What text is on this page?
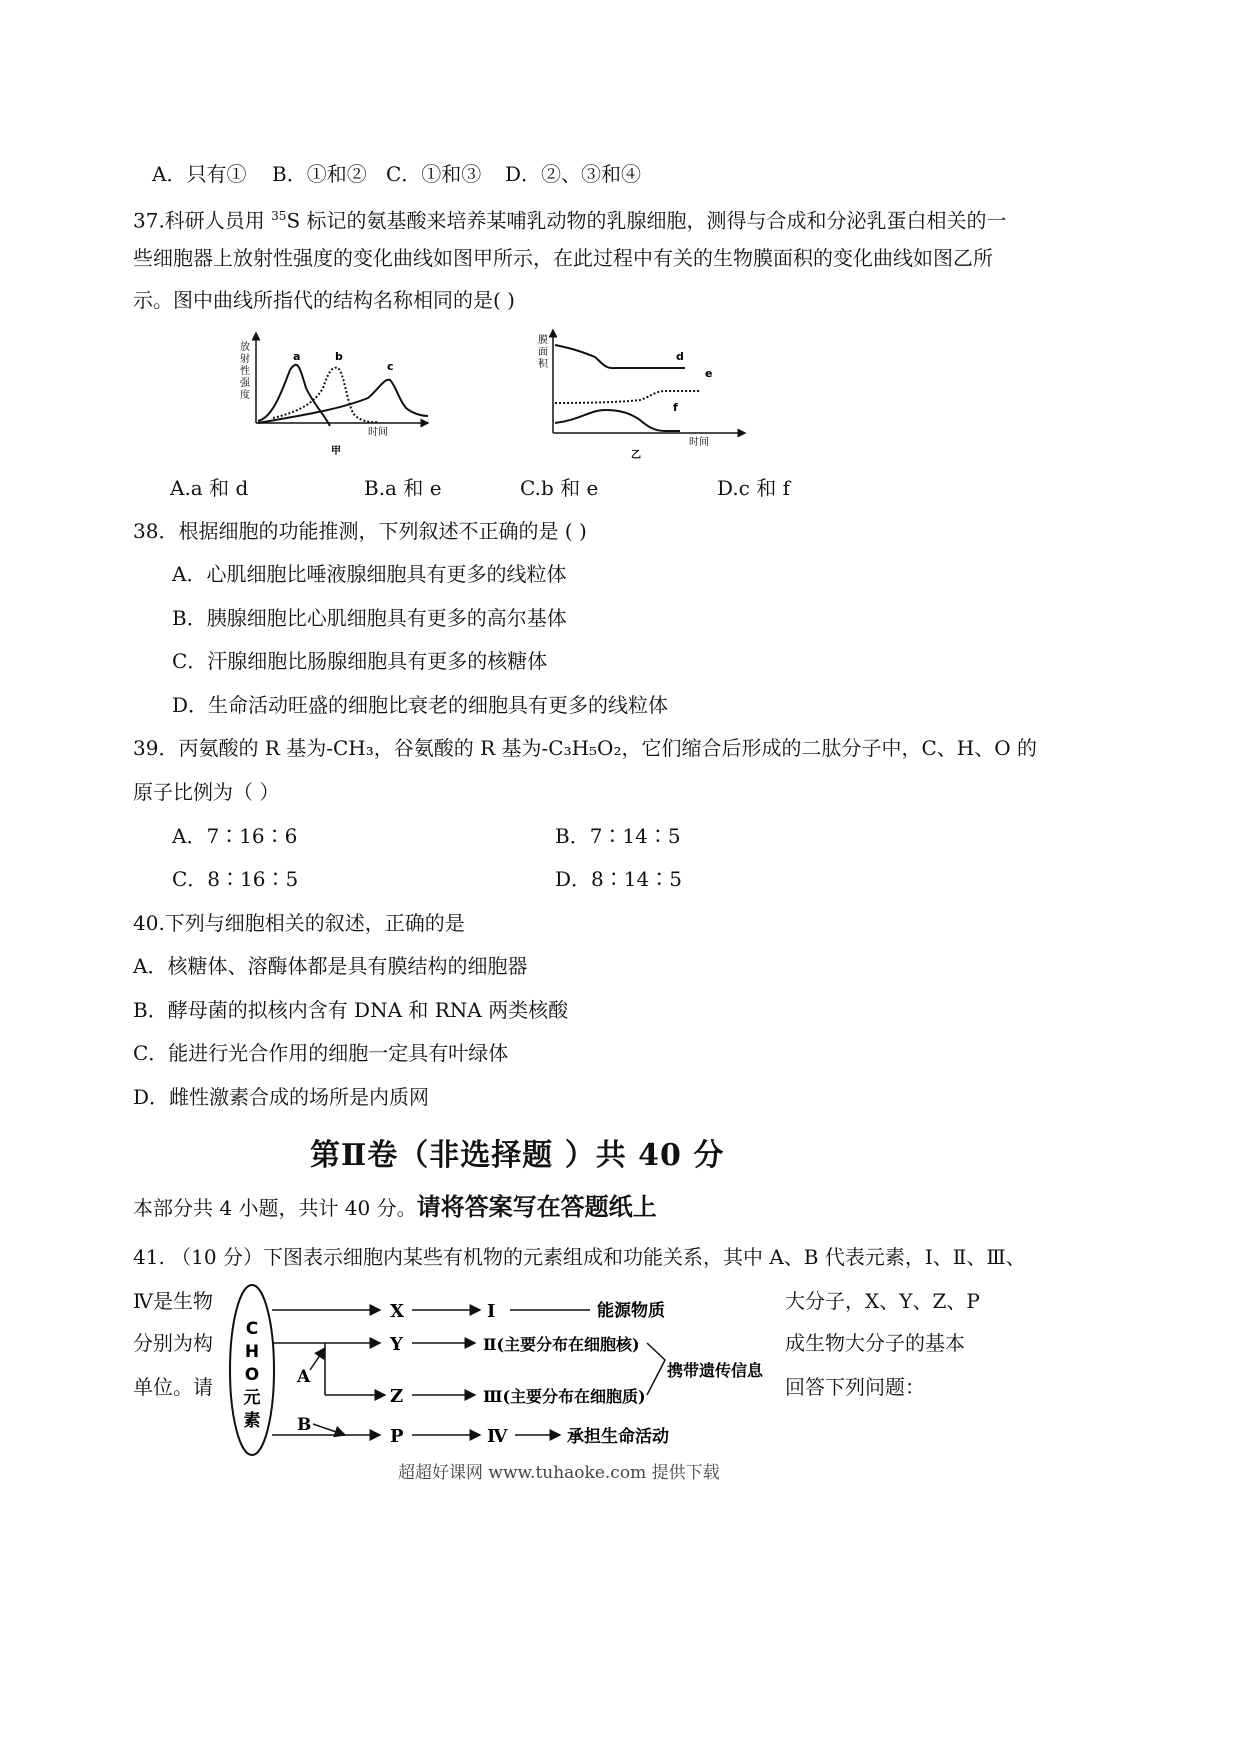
A．只有① B．①和② C．①和③ D．②、③和④
37.科研人员用 $^{35}$S 标记的氨基酸来培养某哺乳动物的乳腺细胞，测得与合成和分泌乳蛋白相关的一
些细胞器上放射性强度的变化曲线如图甲所示，在此过程中有关的生物膜面积的变化曲线如图乙所
示。图中曲线所指代的结构名称相同的是( )
放
射
性
强
度
a	b
c
时间
甲
膜
面
积
d
e
f
时间
乙
A.a 和 d	B.a 和 e	C.b 和 e	D.c 和 f
38．根据细胞的功能推测，下列叙述不正确的是 ( )
A．心肌细胞比唾液腺细胞具有更多的线粒体
B．胰腺细胞比心肌细胞具有更多的高尔基体
C．汗腺细胞比肠腺细胞具有更多的核糖体
D．生命活动旺盛的细胞比衰老的细胞具有更多的线粒体
39．丙氨酸的 R 基为-CH₃，谷氨酸的 R 基为-C₃H₅O₂，它们缩合后形成的二肽分子中，C、H、O 的
原子比例为（ ）
A．7∶16∶6	B．7∶14∶5
C．8∶16∶5	D．8∶14∶5
40.下列与细胞相关的叙述，正确的是
A．核糖体、溶酶体都是具有膜结构的细胞器
B．酵母菌的拟核内含有 DNA 和 RNA 两类核酸
C．能进行光合作用的细胞一定具有叶绿体
D．雌性激素合成的场所是内质网
第Ⅱ卷（非选择题 ）共 40 分
本部分共 4 小题，共计 40 分。请将答案写在答题纸上
41. （10 分）下图表示细胞内某些有机物的元素组成和功能关系，其中 A、B 代表元素，Ⅰ、Ⅱ、Ⅲ、
Ⅳ是生物
分别为构
单位。请
大分子，X、Y、Z、P
成生物大分子的基本
回答下列问题：
C
H
O
元
素
X	Ⅰ	能源物质
Y	Ⅱ(主要分布在细胞核)
A
Z	Ⅲ(主要分布在细胞质)
携带遗传信息
B
P	Ⅳ	承担生命活动
超超好课网 www.tuhaoke.com 提供下载
